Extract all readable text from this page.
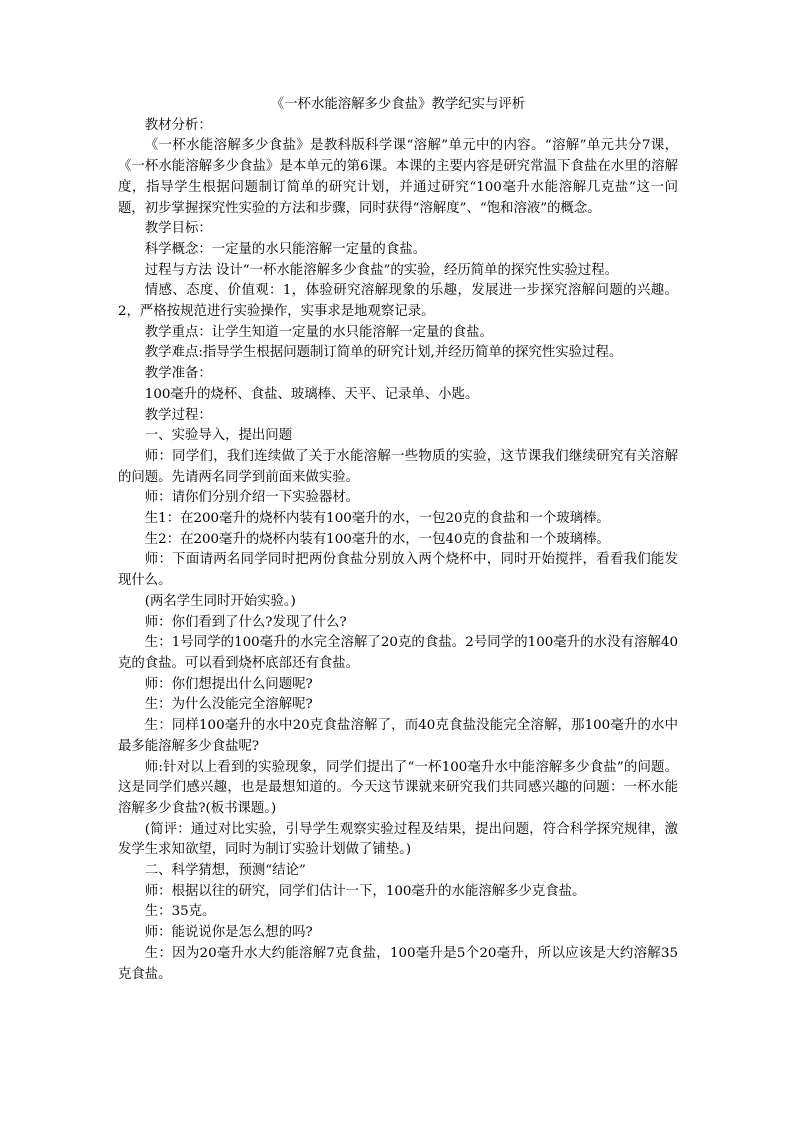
《一杯水能溶解多少食盐》教学纪实与评析

教材分析：

《一杯水能溶解多少食盐》是教科版科学课“溶解”单元中的内容。“溶解”单元共分7课，《一杯水能溶解多少食盐》是本单元的第6课。本课的主要内容是研究常温下食盐在水里的溶解度，指导学生根据问题制订简单的研究计划，并通过研究“100毫升水能溶解几克盐”这一问题，初步掌握探究性实验的方法和步骤，同时获得“溶解度”、“饱和溶液”的概念。

教学目标：

科学概念：一定量的水只能溶解一定量的食盐。

过程与方法 设计“一杯水能溶解多少食盐”的实验，经历简单的探究性实验过程。

情感、态度、价值观：1，体验研究溶解现象的乐趣，发展进一步探究溶解问题的兴趣。2，严格按规范进行实验操作，实事求是地观察记录。

教学重点：让学生知道一定量的水只能溶解一定量的食盐。

教学难点:指导学生根据问题制订简单的研究计划,并经历简单的探究性实验过程。

教学准备：

100毫升的烧杯、食盐、玻璃棒、天平、记录单、小匙。

教学过程：

一、实验导入，提出问题

师：同学们，我们连续做了关于水能溶解一些物质的实验，这节课我们继续研究有关溶解的问题。先请两名同学到前面来做实验。

师：请你们分别介绍一下实验器材。

生1：在200毫升的烧杯内装有100毫升的水，一包20克的食盐和一个玻璃棒。

生2：在200毫升的烧杯内装有100毫升的水，一包40克的食盐和一个玻璃棒。

师：下面请两名同学同时把两份食盐分别放入两个烧杯中，同时开始搅拌，看看我们能发现什么。

(两名学生同时开始实验。)

师：你们看到了什么?发现了什么?

生：1号同学的100毫升的水完全溶解了20克的食盐。2号同学的100毫升的水没有溶解40克的食盐。可以看到烧杯底部还有食盐。

师：你们想提出什么问题呢?

生：为什么没能完全溶解呢?

生：同样100毫升的水中20克食盐溶解了，而40克食盐没能完全溶解，那100毫升的水中最多能溶解多少食盐呢?

师:针对以上看到的实验现象，同学们提出了“一杯100毫升水中能溶解多少食盐”的问题。这是同学们感兴趣，也是最想知道的。今天这节课就来研究我们共同感兴趣的问题：一杯水能溶解多少食盐?(板书课题。)

(简评：通过对比实验，引导学生观察实验过程及结果，提出问题，符合科学探究规律，激发学生求知欲望，同时为制订实验计划做了铺垫。)

二、科学猜想，预测“结论”

师：根据以往的研究，同学们估计一下，100毫升的水能溶解多少克食盐。

生：35克。

师：能说说你是怎么想的吗?

生：因为20毫升水大约能溶解7克食盐，100毫升是5个20毫升，所以应该是大约溶解35克食盐。
